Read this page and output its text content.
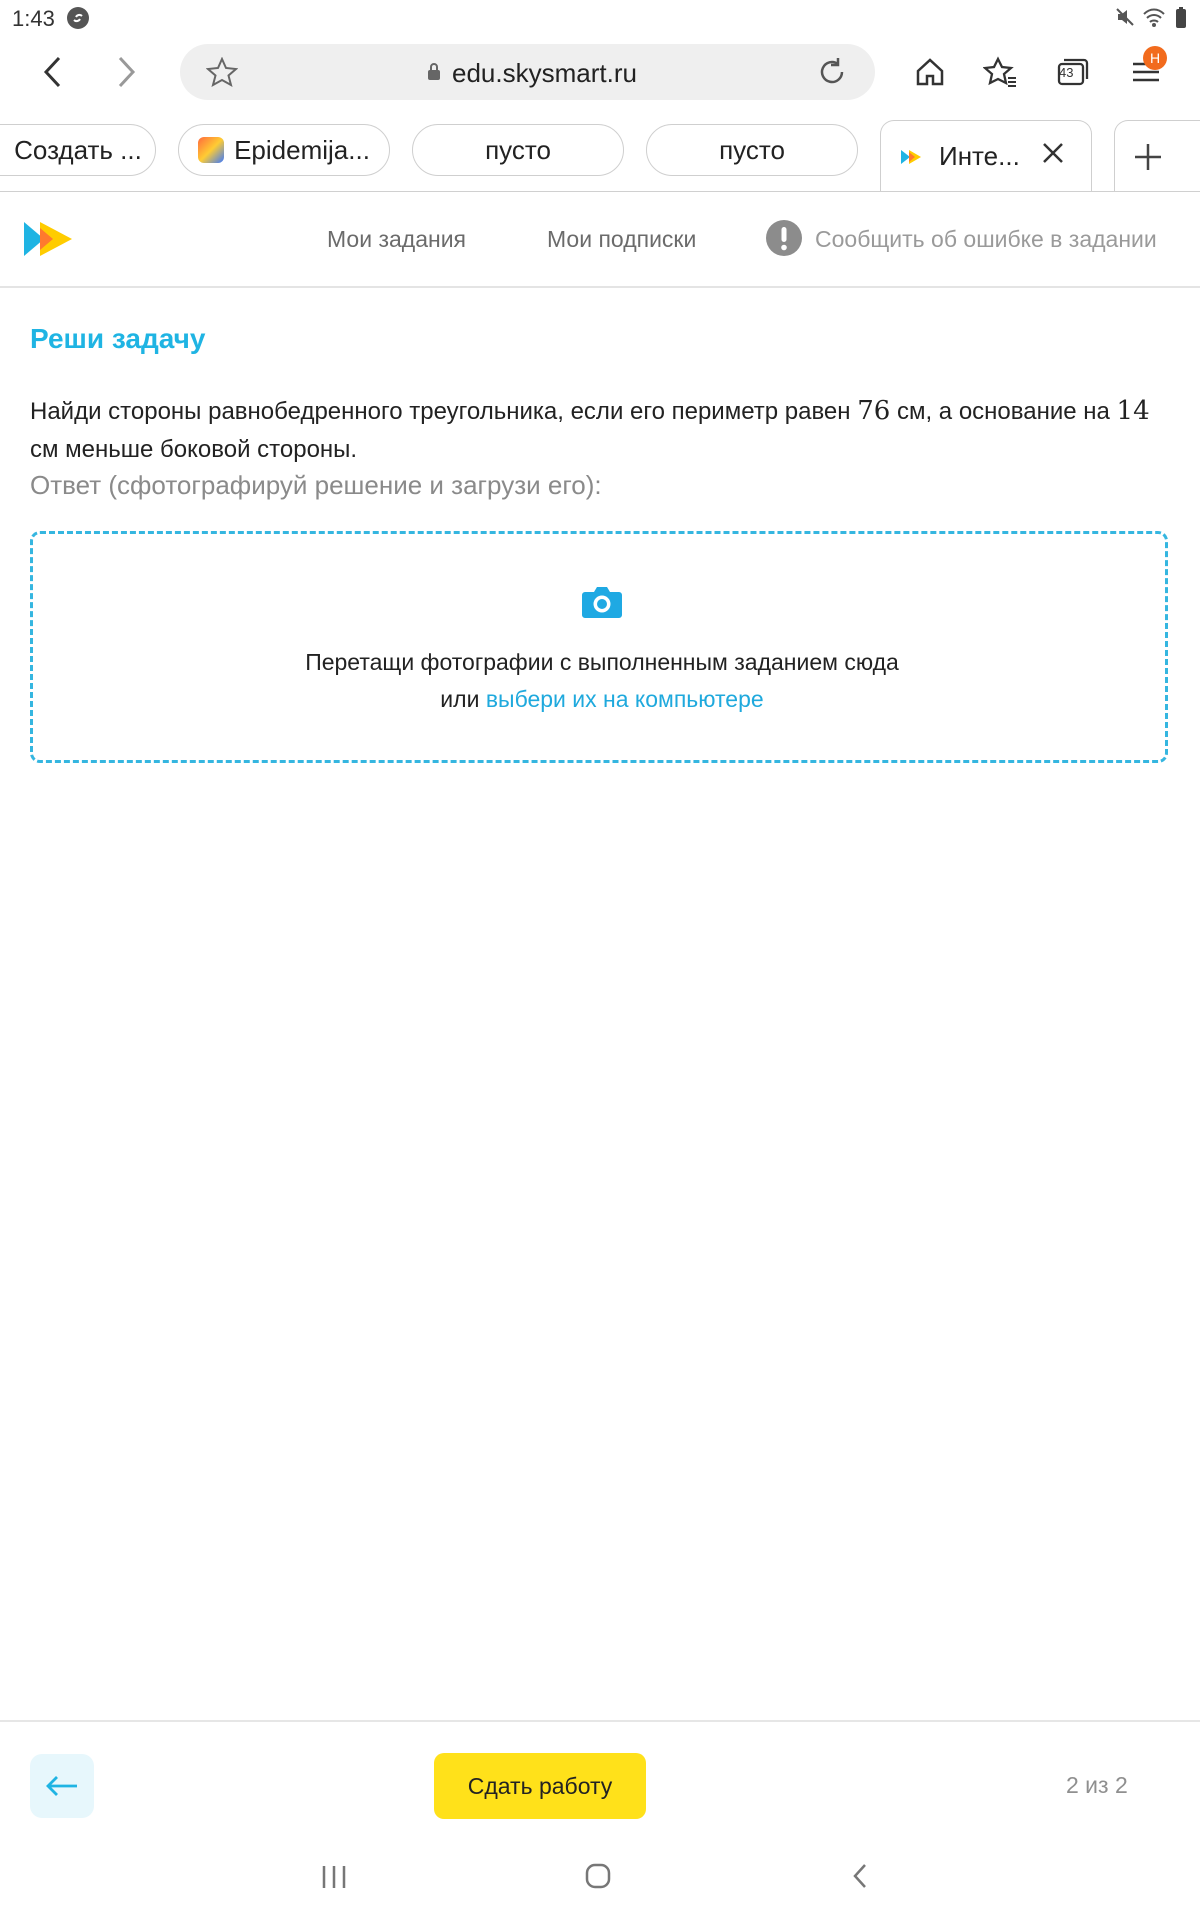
1:43
edu.skysmart.ru	43
H
Создать ...	Epidemija...	пусто	пусто	Инте...
Мои задания	Мои подписки	Сообщить об ошибке в задании
Реши задачу
Найди стороны равнобедренного треугольника, если его периметр равен 76 см, а основание на 14 см меньше боковой стороны.
Ответ (сфотографируй решение и загрузи его):
Перетащи фотографии с выполненным заданием сюда
или выбери их на компьютере
Сдать работу	2 из 2
